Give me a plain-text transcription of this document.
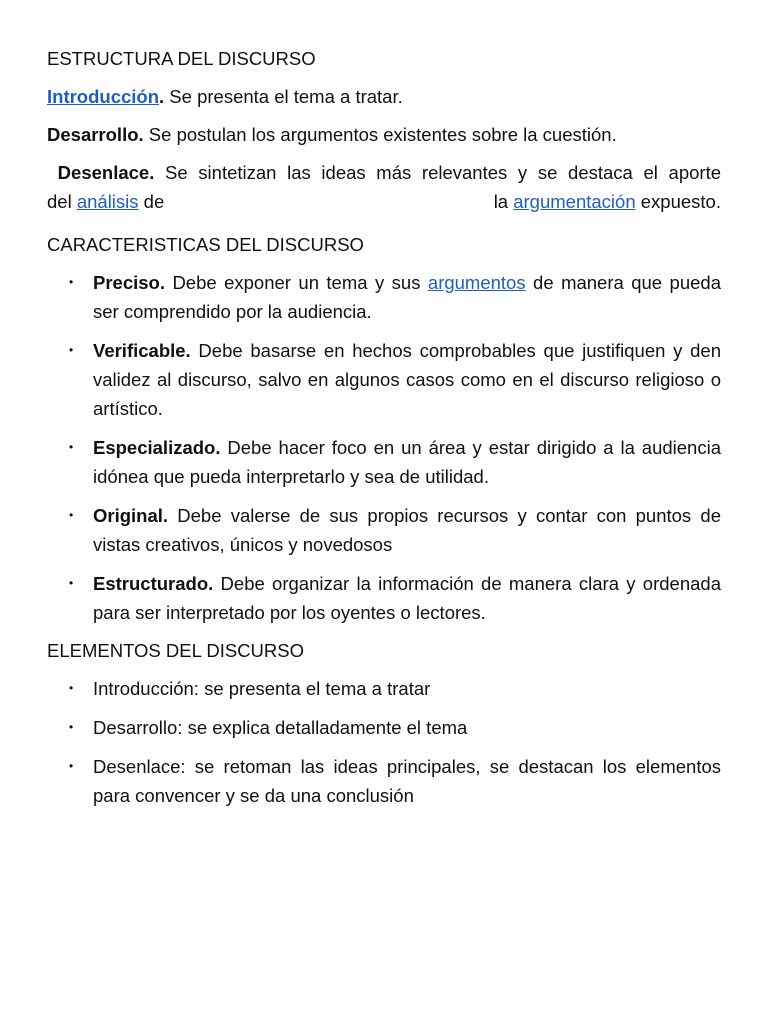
ESTRUCTURA DEL DISCURSO

Introducción. Se presenta el tema a tratar.

Desarrollo. Se postulan los argumentos existentes sobre la cuestión.

Desenlace. Se sintetizan las ideas más relevantes y se destaca el aporte

del análisis de	la argumentación expuesto.

CARACTERISTICAS DEL DISCURSO

• Preciso. Debe exponer un tema y sus argumentos de manera que pueda ser comprendido por la audiencia.
• Verificable. Debe basarse en hechos comprobables que justifiquen y den validez al discurso, salvo en algunos casos como en el discurso religioso o artístico.
• Especializado. Debe hacer foco en un área y estar dirigido a la audiencia idónea que pueda interpretarlo y sea de utilidad.
• Original. Debe valerse de sus propios recursos y contar con puntos de vistas creativos, únicos y novedosos
• Estructurado. Debe organizar la información de manera clara y ordenada para ser interpretado por los oyentes o lectores.

ELEMENTOS DEL DISCURSO

• Introducción: se presenta el tema a tratar
• Desarrollo: se explica detalladamente el tema
• Desenlace: se retoman las ideas principales, se destacan los elementos para convencer y se da una conclusión
